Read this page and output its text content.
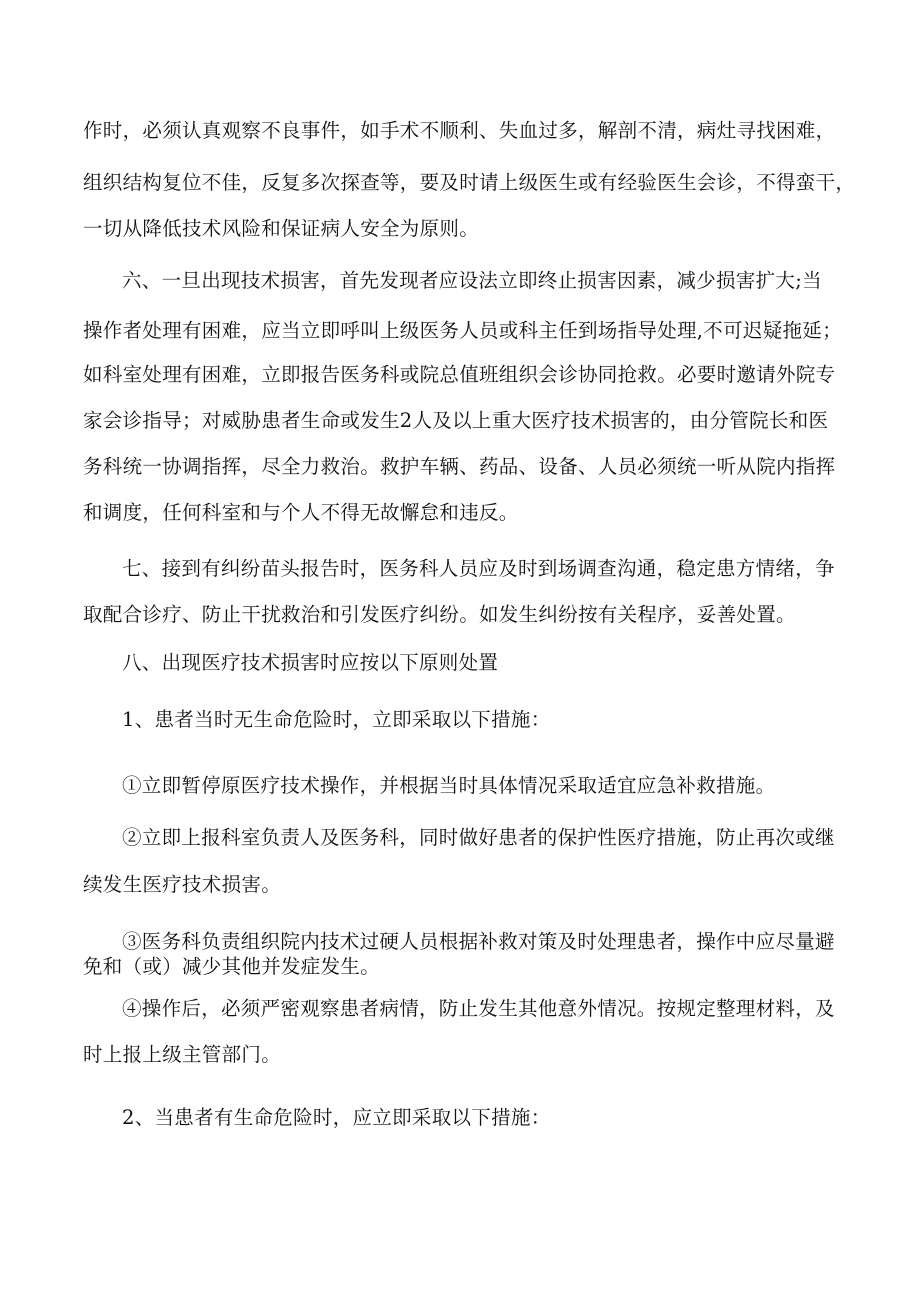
作时，必须认真观察不良事件，如手术不顺利、失血过多，解剖不清，病灶寻找困难，
组织结构复位不佳，反复多次探查等，要及时请上级医生或有经验医生会诊，不得蛮干，
一切从降低技术风险和保证病人安全为原则。
六、一旦出现技术损害，首先发现者应设法立即终止损害因素，减少损害扩大;当
操作者处理有困难，应当立即呼叫上级医务人员或科主任到场指导处理,不可迟疑拖延；
如科室处理有困难，立即报告医务科或院总值班组织会诊协同抢救。必要时邀请外院专
家会诊指导；对威胁患者生命或发生2人及以上重大医疗技术损害的，由分管院长和医
务科统一协调指挥，尽全力救治。救护车辆、药品、设备、人员必须统一听从院内指挥
和调度，任何科室和与个人不得无故懈怠和违反。
七、接到有纠纷苗头报告时，医务科人员应及时到场调查沟通，稳定患方情绪，争
取配合诊疗、防止干扰救治和引发医疗纠纷。如发生纠纷按有关程序，妥善处置。
八、出现医疗技术损害时应按以下原则处置
1、患者当时无生命危险时，立即采取以下措施：
①立即暂停原医疗技术操作，并根据当时具体情况采取适宜应急补救措施。
②立即上报科室负责人及医务科，同时做好患者的保护性医疗措施，防止再次或继
续发生医疗技术损害。
③医务科负责组织院内技术过硬人员根据补救对策及时处理患者，操作中应尽量避
免和（或）减少其他并发症发生。
④操作后，必须严密观察患者病情，防止发生其他意外情况。按规定整理材料，及
时上报上级主管部门。
2、当患者有生命危险时，应立即采取以下措施：
